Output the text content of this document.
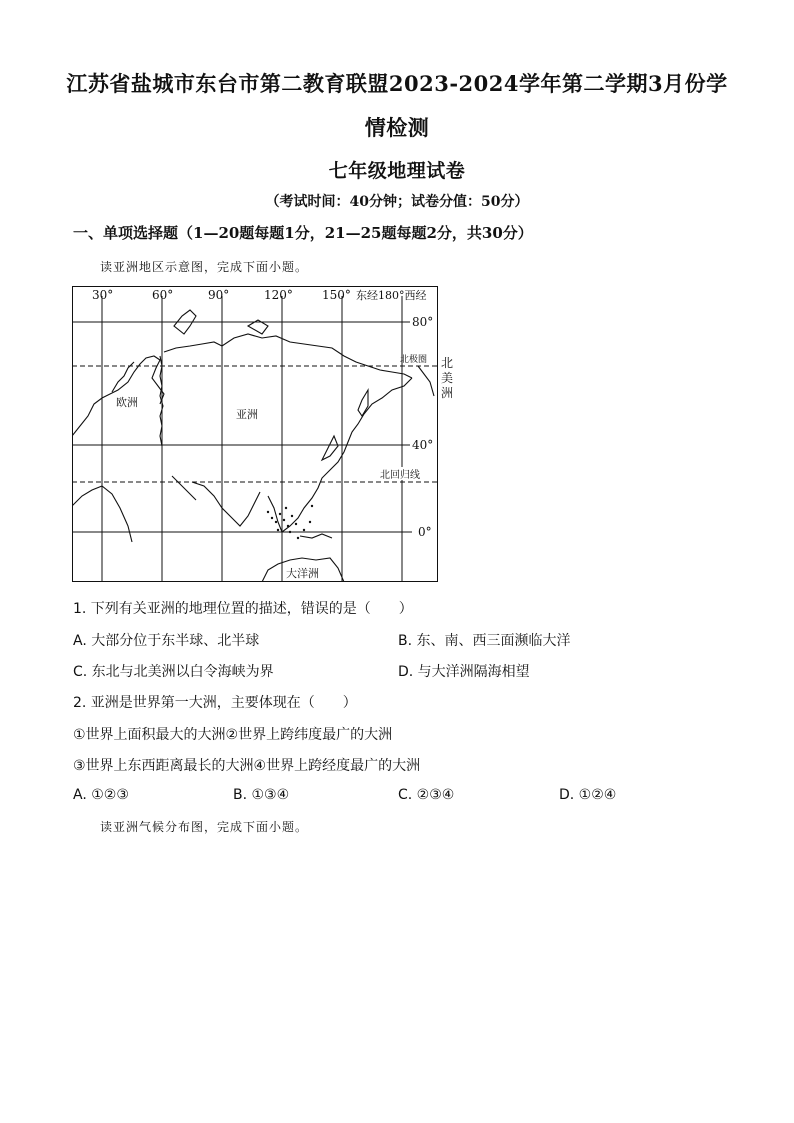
江苏省盐城市东台市第二教育联盟2023-2024学年第二学期3月份学
情检测
七年级地理试卷
（考试时间：40分钟；试卷分值：50分）
一、单项选择题（1—20题每题1分，21—25题每题2分，共30分）
读亚洲地区示意图，完成下面小题。
30°	60°	90°	120° 150° 东经180°西经
80°
40°
0°
北极圈
北回归线
欧洲
亚洲
大洋洲
北
美
洲
1. 下列有关亚洲的地理位置的描述，错误的是（　　）
A. 大部分位于东半球、北半球	B. 东、南、西三面濒临大洋
C. 东北与北美洲以白令海峡为界	D. 与大洋洲隔海相望
2. 亚洲是世界第一大洲，主要体现在（　　）
①世界上面积最大的大洲②世界上跨纬度最广的大洲
③世界上东西距离最长的大洲④世界上跨经度最广的大洲
A. ①②③	B. ①③④	C. ②③④	D. ①②④
读亚洲气候分布图，完成下面小题。
